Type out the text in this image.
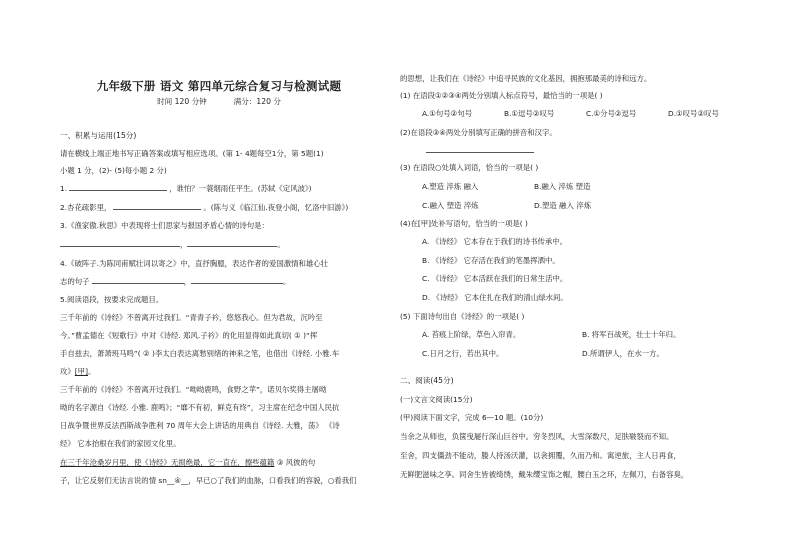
九年级下册 语文 第四单元综合复习与检测试题
时间 120 分钟	满分：120 分
一、积累与运用(15分)
请在横线上端正地书写正确答案或填写相应选项。(第 1- 4题每空1分，第 5题(1)
小题 1 分，(2)- (5)每小题 2 分)
1.	，谁怕？一蓑烟雨任平生。(苏轼《定风波》)
2.杏花疏影里，	。(陈与义《临江仙.夜登小阁，忆洛中旧游》)
3.《渔家傲.秋思》中表现将士们思家与报国矛盾心情的诗句是：
，	。
4.《破阵子.为陈同甫赋壮词以寄之》中，直抒胸臆，表达作者的爱国激情和雄心壮
志的句子	，	。
5.阅读语段，按要求完成题目。
三千年前的《诗经》不曾离开过我们。“青青子衿，悠悠我心。但为君故，沉吟至
今。”曹孟德在《短歌行》中对《诗经. 郑风.子衿》的化用显得如此真切( ① )“挥
手自兹去，萧萧班马鸣”( ② )李太白表达离愁别绪的神来之笔，也借出《诗经. 小雅.车
攻》[甲]。
三千年前的《诗经》不曾离开过我们。“呦呦鹿鸣，食野之苹”，诺贝尔奖得主屠呦
呦的名字源自《诗经. 小雅. 鹿鸣》；“靡不有初，鲜克有终”，习主席在纪念中国人民抗
日战争暨世界反法西斯战争胜利 70 周年大会上讲话的用典自《诗经. 大雅，荡》 《诗
经》 它本抬根在我们的家园文化里。
在三千年沧桑岁月里，使《诗经》无损绝最，它一直在，擦些蕴籍 ③ 风彼的句
子，让它反射们无法言说的情 sn__④__，早已○了我们的血脉，口看我们的容貌，○看我们
的思想，让我们在《诗经》中追寻民族的文化基因，拥抱那最美的诗和远方。
(1) 在语段①②③④两处分别填入标点符号，最恰当的一项是( )
A.①句号②句号	B.①逗号②叹号	C.①分号②逗号	D.①叹号②叹号
(2)在语段③④两处分别填写正确的拼音和汉字。
(3) 在语段○处填入词语，恰当的一项是( )
A.塑造 淬炼 融入	B.融入 淬炼 塑造
C.融入 塑造 淬炼	D.塑造 融入 淬炼
(4)在[甲]处补写语句，恰当的一项是( )
A. 《诗经》 它本存在于我们的诗书传承中。
B. 《诗经》 它存活在我们的笔墨挥洒中。
C. 《诗经》 它本活跃在我们的日常生活中。
D. 《诗经》 它本住扎在我们的清山绿水间。
(5) 下面诗句出自《诗经》的一项是( )
A. 苔痕上阶绿，草色入帘青。	B. 将军百战死，壮士十年归。
C.日月之行，若出其中。	D.所谓伊人，在水一方。
二、阅读(45分)
(一)文言文阅读(15分)
(甲)阅读下面文字，完成 6—10 题。(10分)
当余之从师也，负箧曳屣行深山巨谷中。穷冬烈风，大雪深数尺，足肤皲裂而不知。
至舍，四支僵劲不能动，媵人持汤沃灌，以衾拥覆，久而乃和。寓逆旅，主人日再食，
无鲜肥滋味之享。同舍生皆被绮绣，戴朱缨宝饰之帽，腰白玉之环，左佩刀，右备容臭，
